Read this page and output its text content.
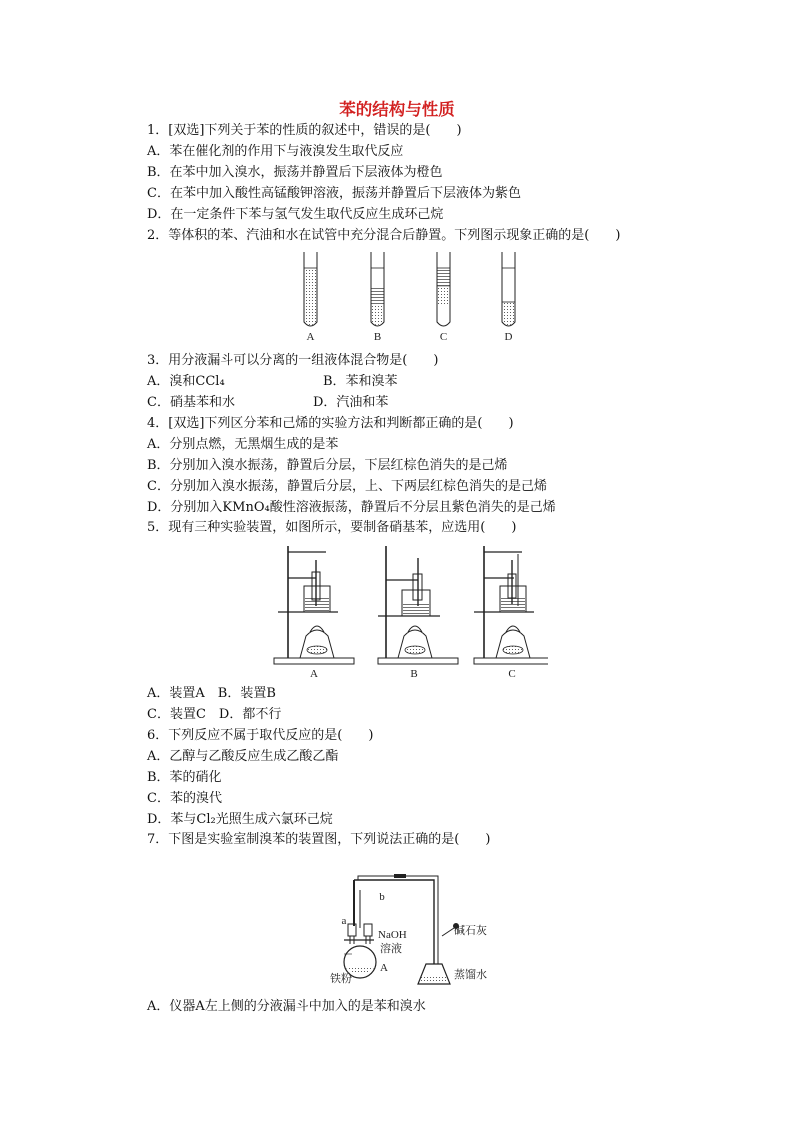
苯的结构与性质
1．[双选]下列关于苯的性质的叙述中，错误的是(　　)
A．苯在催化剂的作用下与液溴发生取代反应
B．在苯中加入溴水，振荡并静置后下层液体为橙色
C．在苯中加入酸性高锰酸钾溶液，振荡并静置后下层液体为紫色
D．在一定条件下苯与氢气发生取代反应生成环己烷
2．等体积的苯、汽油和水在试管中充分混合后静置。下列图示现象正确的是(　　)
A	B	C	D
3．用分液漏斗可以分离的一组液体混合物是(　　)
A．溴和CCl₄	B．苯和溴苯
C．硝基苯和水	D．汽油和苯
4．[双选]下列区分苯和己烯的实验方法和判断都正确的是(　　)
A．分别点燃，无黑烟生成的是苯
B．分别加入溴水振荡，静置后分层，下层红棕色消失的是己烯
C．分别加入溴水振荡，静置后分层，上、下两层红棕色消失的是己烯
D．分别加入KMnO₄酸性溶液振荡，静置后不分层且紫色消失的是己烯
5．现有三种实验装置，如图所示，要制备硝基苯，应选用(　　)
A	B	C
A．装置A　B．装置B
C．装置C　D．都不行
6．下列反应不属于取代反应的是(　　)
A．乙醇与乙酸反应生成乙酸乙酯
B．苯的硝化
C．苯的溴代
D．苯与Cl₂光照生成六氯环己烷
7．下图是实验室制溴苯的装置图，下列说法正确的是(　　)
a
b
NaOH
溶液
铁粉
A
碱石灰
蒸馏水
A．仪器A左上侧的分液漏斗中加入的是苯和溴水
